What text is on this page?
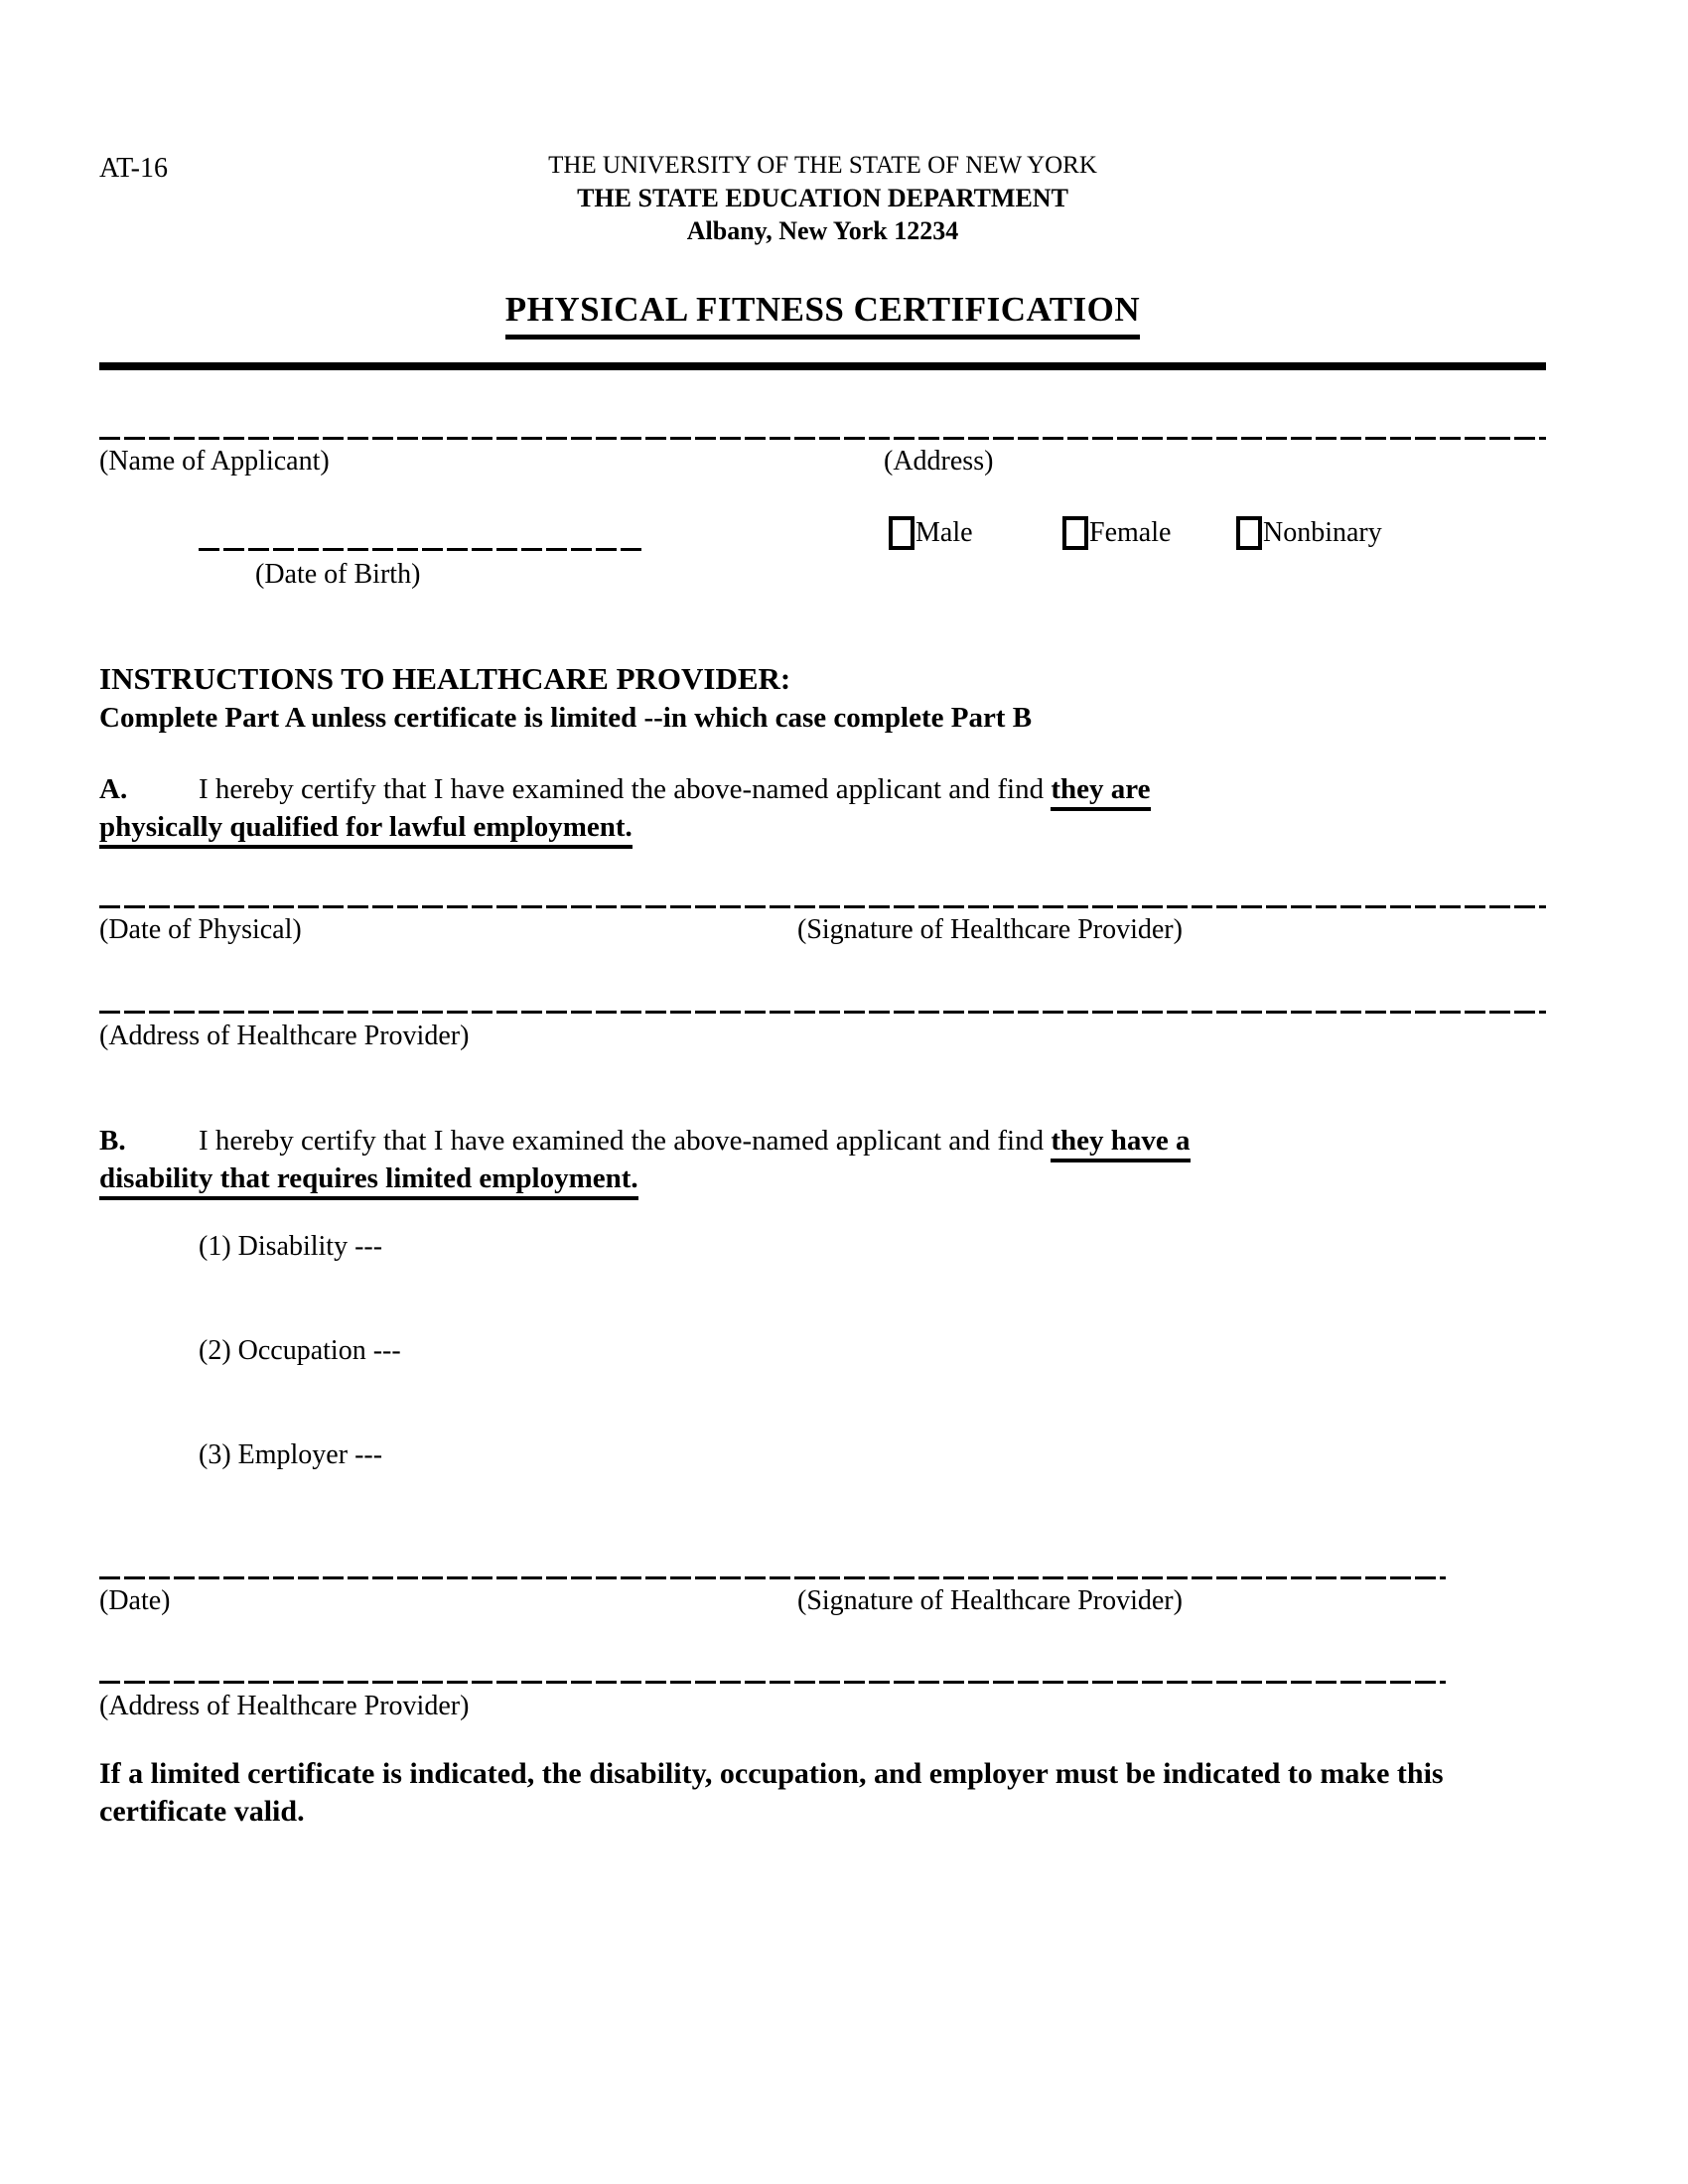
AT-16	THE UNIVERSITY OF THE STATE OF NEW YORK
THE STATE EDUCATION DEPARTMENT
Albany, New York 12234
PHYSICAL FITNESS CERTIFICATION
(Name of Applicant)	(Address)
Male	Female	Nonbinary
(Date of Birth)
INSTRUCTIONS TO HEALTHCARE PROVIDER:
Complete Part A unless certificate is limited --in which case complete Part B
A. I hereby certify that I have examined the above-named applicant and find they are
physically qualified for lawful employment.
(Date of Physical)	(Signature of Healthcare Provider)
(Address of Healthcare Provider)
B.	I hereby certify that I have examined the above-named applicant and find they have a
disability that requires limited employment.
(1) Disability ---
(2) Occupation ---
(3) Employer ---
(Date)	(Signature of Healthcare Provider)
(Address of Healthcare Provider)
If a limited certificate is indicated, the disability, occupation, and employer must be indicated to make this
certificate valid.
